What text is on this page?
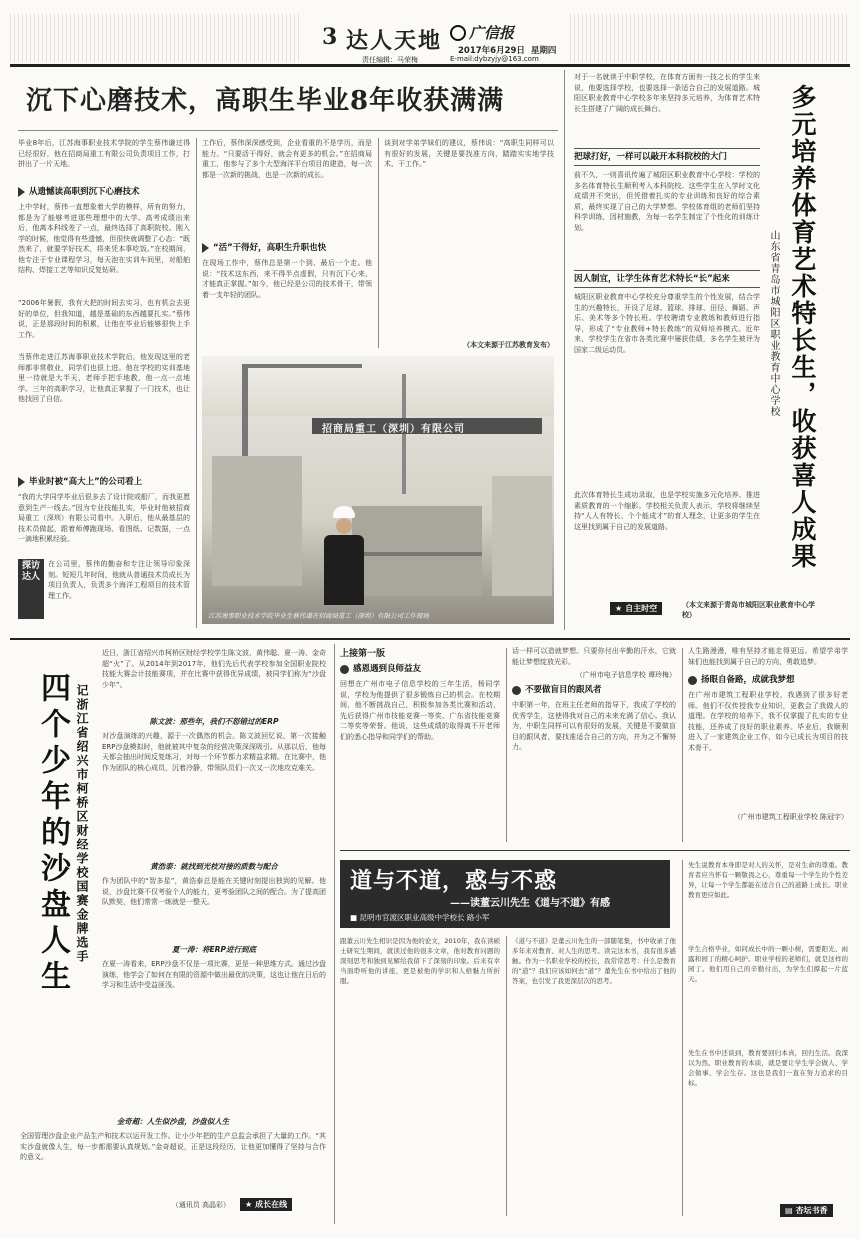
3 达人天地 广信报
2017年6月29日 星期四
责任编辑：马荣梅	E-mail:dybzyjy@163.com
沉下心磨技术，高职生毕业8年收获满满
毕业8年后，江苏海事职业技术学院的学生蔡伟谦过得已经很好，他在招商局重工有限公司负责项目工作，打拼出了一片天地。
从遗憾读高职到沉下心磨技术
上中学时，蔡伟一直想象着大学的模样，所有的努力，都是为了能够考进那些理想中的大学。高考成绩出来后，他离本科线差了一点，最终选择了高职院校。刚入学的时候，他觉得有些遗憾，但很快就调整了心态：“既然来了，就要学好技术，将来凭本事吃饭。”在校期间，他专注于专业课程学习，每天泡在实训车间里，对船舶结构、焊接工艺等知识反复钻研。
“2006年暑假，我有大把的时间去实习，也有机会去更好的单位，但我知道，越是基础的东西越要扎实。”蔡伟说，正是那段时间的积累，让他在毕业后能够很快上手工作。
当蔡伟走进江苏海事职业技术学院后，他发现这里的老师都非常敬业，同学们也很上进。他在学校的实训基地里一待就是大半天，老师手把手地教，他一点一点地学。三年的高职学习，让他真正掌握了一门技术，也让他找回了自信。
毕业时被“高大上”的公司看上
“我的大学同学毕业后很多去了设计院或船厂，而我更愿意到生产一线去。”因为专业技能扎实，毕业时他被招商局重工（深圳）有限公司看中。入职后，他从最基层的技术员做起，跟着师傅跑现场、看图纸、记数据，一点一滴地积累经验。
探访达人
在公司里，蔡伟的勤奋和专注让领导印象深刻。短短几年时间，他就从普通技术员成长为项目负责人，负责多个海洋工程项目的技术管理工作。
工作后，蔡伟深深感受到，企业看重的不是学历，而是能力。“只要活干得好，就会有更多的机会。”在招商局重工，他参与了多个大型海洋平台项目的建造，每一次都是一次新的挑战，也是一次新的成长。
“活”干得好，高职生升职也快
在现场工作中，蔡伟总是第一个到、最后一个走。他说：“技术这东西，来不得半点虚假，只有沉下心来，才能真正掌握。”如今，他已经是公司的技术骨干，带领着一支年轻的团队。
谈到对学弟学妹们的建议，蔡伟说：“高职生同样可以有很好的发展，关键是要找准方向，踏踏实实地学技术、干工作。”
（本文来源于江苏教育发布）
招商局重工（深圳）有限公司
江苏海事职业技术学院毕业生蔡伟谦在招商局重工（深圳）有限公司工作现场
多元培养体育艺术特长生，收获喜人成果
山东省青岛市城阳区职业教育中心学校
对于一名就读于中职学校，在体育方面有一技之长的学生来说，他要选择学校，也要选择一条适合自己的发展道路。城阳区职业教育中心学校多年来坚持多元培养，为体育艺术特长生搭建了广阔的成长舞台。
把球打好，一样可以敲开本科院校的大门
前不久，一则喜讯传遍了城阳区职业教育中心学校：学校的多名体育特长生顺利考入本科院校。这些学生在入学时文化成绩并不突出，但凭借着扎实的专业训练和良好的综合素质，最终实现了自己的大学梦想。学校体育组的老师们坚持科学训练，因材施教，为每一名学生制定了个性化的训练计划。
因人制宜，让学生体育艺术特长“长”起来
城阳区职业教育中心学校充分尊重学生的个性发展，结合学生的兴趣特长，开设了足球、篮球、排球、田径、舞蹈、声乐、美术等多个特长班。学校聘请专业教练和教师进行指导，形成了“专业教师+特长教练”的双师培养模式。近年来，学校学生在省市各类比赛中屡获佳绩，多名学生被评为国家二级运动员。
此次体育特长生成功录取，也是学校实施多元化培养、推进素质教育的一个缩影。学校相关负责人表示，学校将继续坚持“人人有特长、个个能成才”的育人理念，让更多的学生在这里找到属于自己的发展道路。
★ 自主时空	（本文来源于青岛市城阳区职业教育中心学校）
四个少年的沙盘人生 记浙江省绍兴市柯桥区财经学校国赛金牌选手
近日，浙江省绍兴市柯桥区财经学校学生陈文波、黄伟聪、夏一涛、金奇超“火”了。从2014年到2017年，他们先后代表学校参加全国职业院校技能大赛会计技能赛项，并在比赛中获得优异成绩，被同学们称为“沙盘少年”。
陈文波：那些年，我们不怒错过的ERP
对沙盘演练的兴趣，源于一次偶然的机会。陈文波回忆说，第一次接触ERP沙盘模拟时，他就被其中复杂的经营决策深深吸引。从那以后，他每天都会抽出时间反复练习，对每一个环节都力求精益求精。在比赛中，他作为团队的核心成员，沉着冷静，带领队员们一次又一次地攻克难关。
黄浩泰：就找到光枝对接的质数与配合
作为团队中的“智多星”，黄浩泰总是能在关键时刻提出独到的见解。他说，沙盘比赛不仅考验个人的能力，更考验团队之间的配合。为了提高团队默契，他们常常一练就是一整天。
夏一涛：将ERP进行到底
在夏一涛看来，ERP沙盘不仅是一项比赛，更是一种思维方式。通过沙盘演练，他学会了如何在有限的资源中做出最优的决策，这也让他在日后的学习和生活中受益匪浅。
金奇超：人生似沙盘，沙盘似人生
全国管理沙盘企业产品生产和技术以运开发工作。让小少年把的生产总监会承担了大量的工作。“其实沙盘就像人生，每一步都需要认真规划。”金奇超说，正是这段经历，让他更加懂得了坚持与合作的意义。
★ 成长在线
（通讯员 高晶彩）
上接第一版
感恩遇到良师益友
回想在广州市电子信息学校的三年生活，杨同学说，学校为他提供了很多锻炼自己的机会。在校期间，他不断挑战自己，积极参加各类比赛和活动，先后获得广州市技能竞赛一等奖、广东省技能竞赛二等奖等荣誉。他说，这些成绩的取得离不开老师们的悉心指导和同学们的帮助。
话一样可以造就梦想。只要你付出辛勤的汗水，它就能让梦想绽放光彩。
（广州市电子信息学校 谭玲梅）
不要做盲目的跟风者
中职第一年，在班主任老师的指导下，我成了学校的优秀学生，这使得我对自己的未来充满了信心。我认为，中职生同样可以有很好的发展，关键是不要做盲目的跟风者，要找准适合自己的方向，并为之不懈努力。
人生路漫漫，唯有坚持才能走得更远。希望学弟学妹们也能找到属于自己的方向，勇敢追梦。
扬眼自备路，成就我梦想
在广州市建筑工程职业学校，我遇到了很多好老师。他们不仅传授我专业知识，更教会了我做人的道理。在学校的培养下，我不仅掌握了扎实的专业技能，还养成了良好的职业素养。毕业后，我顺利进入了一家建筑企业工作，如今已成长为项目的技术骨干。
（广州市建筑工程职业学校 陈冠宇）
道与不道，惑与不惑
——读董云川先生《道与不道》有感
■ 昆明市官渡区职业高级中学校长 路小军
跟董云川先生相识是因为他的论文，2010年，我在读硕士研究生期间，就读过他的很多文章，他对教育问题的深刻思考和独到见解给我留下了深刻的印象。后来有幸当面聆听他的讲座，更是被他的学识和人格魅力所折服。
《道与不道》是董云川先生的一部随笔集，书中收录了他多年来对教育、对人生的思考。读完这本书，我有很多感触。作为一名职业学校的校长，我常常思考：什么是教育的“道”？我们应该如何去“道”？董先生在书中给出了他的答案，也引发了我更深层次的思考。
先生说教育本身即是对人的关怀，是对生命的尊重。教育者应当怀有一颗敬畏之心，尊重每一个学生的个性差异，让每一个学生都能在适合自己的道路上成长。职业教育更应如此。
学生合格毕业，如同成长中的一颗小树，需要阳光、雨露和园丁的精心呵护。职业学校的老师们，就是这样的园丁。他们用自己的辛勤付出，为学生们撑起一片蓝天。
先生在书中还谈到，教育要回归本真，回归生活。我深以为然。职业教育的本质，就是要让学生学会做人、学会做事、学会生存。这也是我们一直在努力追求的目标。
▤ 杏坛书香
